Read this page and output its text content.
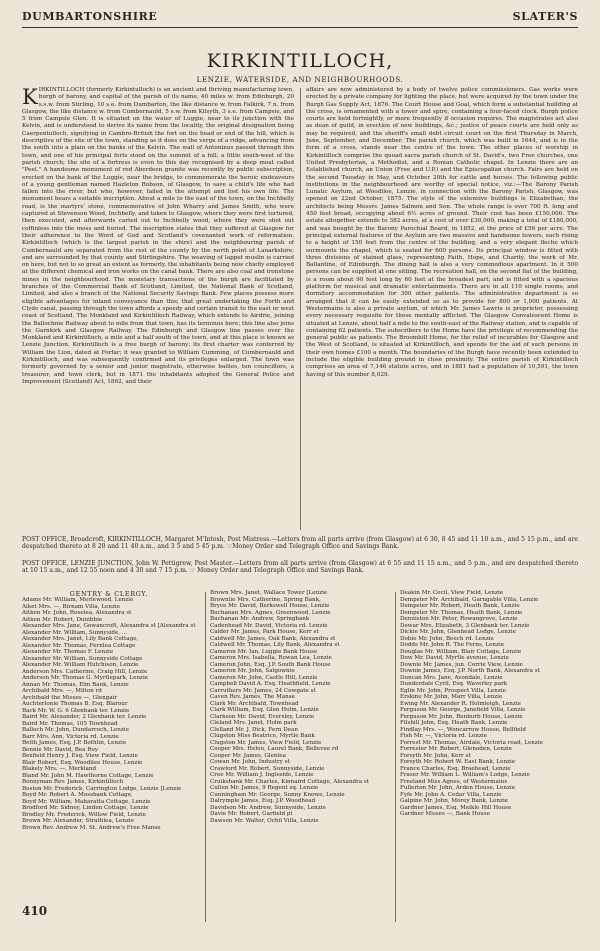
DUMBARTONSHIRE	SLATER'S
KIRKINTILLOCH,
LENZIE, WATERSIDE, AND NEIGHBOURHOODS.

KIRKINTILLOCH (formerly Kirkintulloch) is an ancient and thriving manufacturing town, burgh of barony, and capital of the parish of its name, 40 miles w. from Edinburgh, 20 s.s.w. from Stirling, 10 s.e. from Dumbarton, the like distance w. from Falkirk, 7 n. from Glasgow, the like distance w. from Cumbernauld, 5 s.w. from Kilsyth, 3 s.e. from Campsie, and 5 from Campsie Glen. It is situated on the water of Luggie, near to its junction with the Kelvin, and is understood to derive its name from the locality, the original designation being Caerpentulloch, signifying in Cambro-British the fort on the head or end of the hill, which is descriptive of the site of the town, standing as it does on the verge of a ridge, advancing from the south into a plain on the banks of the Kelvin. The wall of Antoninus passed through this town, and one of his principal forts stood on the summit of a hill, a little south-west of the parish church; the site of a fortress is even to this day recognised by a deep moat called "Peel." A handsome monument of red Aberdeen granite was recently by public subscription, erected on the bank of the Luggie, near the bridge, to commemorate the heroic endeavours of a young gentleman named Hazleton Robson, of Glasgow, to save a child's life who had fallen into the river, but who, however, failed in the attempt and lost his own life. The monument bears a suitable inscription. About a mile to the east of the town, on the Inchbelly road, is the martyrs' stone, commemorative of John Wharry and James Smith, who were captured at Stevenson Wood, Inchbelly, and taken to Glasgow, where they were first tortured, then executed, and afterwards carted out to Inchbelly wood, where they were shot out coffinless into the moss and buried. The inscription states that they suffered at Glasgow for their adherence to the Word of God and Scotland's covenanted work of reformation. Kirkintilloch (which is the largest parish in the shire) and the neighbouring parish of Cumbernauld are separated from the rest of the county by the north point of Lanarkshire, and are surrounded by that county and Stirlingshire. The weaving of lappet muslin is carried on here, but not to so great an extent as formerly, the inhabitants being now chiefly employed at the different chemical and iron works on the canal bank. There are also coal and ironstone mines in the neighbourhood. The monetary transactions of the burgh are facilitated by branches of the Commercial Bank of Scotland, Limited, the National Bank of Scotland, Limited, and also a branch of the National Security Savings Bank. Few places possess more eligible advantages for inland conveyance than this; that great undertaking the Forth and Clyde canal, passing through the town affords a speedy and certain transit to the east or west coast of Scotland. The Monkland and Kirkintilloch Railway, which extends to Airdrie, joining the Ballochnie Railway about to mile from that town, has its terminus here; this line also joins the Garnkirk and Glasgow Railway. The Edinburgh and Glasgow line passes over the Monkland and Kirkintilloch, a mile and a half south of the town, and at this place is known as Lenzie Junction. Kirkintilloch is a free burgh of barony; its first charter was conferred by William the Lion, dated at Forfar; it was granted to William Cumming, of Cumbernauld and Kirkintilloch, and was subsequently confirmed and its privileges enlarged. The town was formerly governed by a senior and junior magistrate, otherwise bailies, ten councillors, a treasurer, and town clerk, but in 1871 the inhabitants adopted the General Police and Improvement (Scotland) Act, 1862, and their

affairs are now administered by a body of twelve police commissioners. Gas works were erected by a private company for lighting the place, but were acquired by the town under the Burgh Gas Supply Act, 1876. The Court House and Goal, which form a substantial building at the cross, is ornamented with a tower and spire, containing a four-faced clock. Burgh police courts are held fortnightly, or more frequently if occasion requires. The magistrates act also as dean of guild, in erection of new buildings, &c.; justice of peace courts are held only as may be required, and the sheriff's small debt circuit court on the first Thursday in March, June, September, and December. The parish church, which was built in 1644, and is in the form of a cross, stands near the centre of the town. The other places of worship in Kirkintilloch comprise the quoad sacra parish church of St. David's, two Free churches, one United Presbyterian, a Methodist, and a Roman Catholic chapel. In Lenzie there are an Established church, an Union (Free and U.P.) and the Episcopalian church. Fairs are held on the second Tuesday in May, and October 20th for cattle and horses. The following public institutions in the neighbourhood are worthy of special notice, viz.:—The Barony Parish Lunatic Asylum, at Woodilee, Lenzie, in connection with the Barony Parish, Glasgow, was opened on 22nd October, 1875. The style of the extensive buildings is Elizabethan, the architects being Messrs. James Salmon and Son. The whole range is over 700 ft. long and 450 feet broad, occupying about 6½ acres of ground. Their cost has been £150,000. The estate altogether extends to 382 acres, at a cost of over £30,000, making a total of £180,000, and was bought by the Barony Parochial Board, in 1852, at the price of £56 per acre. The principal external features of the Asylum are two massive and handsome towers, each rising to a height of 150 feet from the centre of the building, and a very elegant fleche which surmounts the chapel, which is seated for 600 persons. Its principal window is fitted with three divisions of stained glass, representing Faith, Hope, and Charity, the work of Mr. Ballantine, of Edinburgh. The dining hall is also a very commodious apartment. In it 500 persons can be supplied at one sitting. The recreation hall, on the second flat of the building, is a room about 90 feet long by 60 feet at the broadest part, and is fitted with a spacious platform for musical and dramatic entertainments. There are in all 110 single rooms, and dormitory accommodation for 300 other patients. The administrative department is so arranged that it can be easily extended so as to provide for 800 or 1,000 patients. At Westermains is also a private asylum, of which Mr. James Lawrie is proprietor, possessing every necessary requisite for those mentally afflicted. The Glasgow Convalescent Home is situated at Lenzie, about half a mile to the south-east of the Railway station, and is capable of containing 62 patients. The subscribers to the Home have the privilege of recommending the general public as patients. The Broomhill Home, for the relief of incurables for Glasgow and the West of Scotland, is situated at Kirkintilloch, and spends for the aid of such persons in their own homes £100 a month. The boundaries of the Burgh have recently been extended to include the eligible building ground in close proximity. The entire parish of Kirkintilloch comprises an area of 7,146 statute acres, and in 1881 had a population of 10,591, the town having of this number 8,029.

POST OFFICE, Broadcroft, KIRKINTILLOCH, Margaret M'Intosh, Post Mistress.—Letters from all parts arrive (from Glasgow) at 6 30, 8 45 and 11 10 a.m., and 5 15 p.m., and are despatched thereto at 8 20 and 11 40 a.m., and 3 5 and 5 45 p.m. ☞Money Order and Telegraph Office and Savings Bank.

POST OFFICE, LENZIE JUNCTION, John W. Pettigrew, Post Master.—Letters from all parts arrive (from Glasgow) at 6 55 and 11 15 a.m., and 5 p.m., and are despatched thereto at 10 15 a.m., and 12 55 noon and 4 30 and 7 15 p.m. ☞ Money Order and Telegraph Office and Savings Bank.

GENTRY & CLERGY.
Adams Mr. William, Merlewood, Lenzie
Aiket Mrs. —, Birnam Villa, Lenzie
Aitken Mr. John, Roselea, Alexandra st
Aitken Mr. Robert, Dunibbie
Alexander Mrs. Jane, Gowancroft, Alexandra st [Alexandra st
Alexander Mr. William, Sunnyside, ...
Alexander Mrs. Janet, Lily Bank Cottage,
Alexander Mr. Thomas, Fernlea Cottage
Alexander Mr. Thomas F. Lenzie
Alexander Mr. William, Sunnyside Cottage
Alexander Mr. William Hutchison, Lenzie
Anderson Mrs. Catherine, Craig Hill, Lenzie
Anderson Mr. Thomas G. Myrtlepark, Lenzie
Annan Mr. Thomas, Elm Bank, Lenzie
Archibald Mrs. —, Milton rd
Archibald the Misses —, Glengair
Auchterlonie Thomas B. Esq. Blarour
Back Mr. W. G. 6 Glenbank ter. Lenzie
Baird Mr. Alexander, 2 Glenbank ter. Lenzie
Baird Mr. Thomas, 105 Townhead
Balloch Mr. John, Dundarroch, Lenzie
Barr Mrs. Ann, Victoria rd. Lenzie
Beith James, Esq. J.P. Bothlin, Lenzie
Bennie Mr. David, Bea Roy
Bexfield Henry J. Esq. View Field, Lenzie
Blair Robert, Esq. Woodilee House, Lenzie
Blakely Mrs. —, Merkland
Bland Mr. John M. Hawthorne Cottage, Lenzie
Bonnyman Rev. James, Kirkintilloch
Boston Mr. Frederick, Carrington Lodge, Lenzie [Lenzie
Boyd Mr. Robert A. Mossbank Cottage,
Boyd Mr. William, Maharatta Cottage, Lenzie
Brodford Mr. Sidney, Linden Cottage, Lenzie
Brodley Mr. Frederick, Willow Field, Lenzie
Brown Mr. Alexander, Strathlea, Lenzie
Brown Rev. Andrew M. St. Andrew's Free Manse
Brown Mrs. Janet, Wallace Tower [Lenzie
Brownlie Mrs. Catherine, Spring Bank,
Bryce Mr. David, Berkswell House, Lenzie
Buchanan Mrs. Agnes, Greenwood, Lenzie
Buchanan Mr. Andrew, Springbank
Cadenhead Mr. David, Victoria rd. Lenzie
Calder Mr. James, Park House, Kerr st
Caldwell Mr. James, Oak Bank, Alexandra st
Caldwell Mr. Thomas, Lily Bank, Alexandra st
Cameron Mr. Ian, Luggie Bank House
Cameron Mrs. Isabella, Rowan Lea, Lenzie
Cameron John, Esq. J.P. South Bank House
Cameron Mr. John, Salgownie
Cameron Mr. John, Castle Hill, Lenzie
Campbell David A. Esq. Heathfield, Lenzie
Carruthers Mr. James, 24 Cowgate st
Caven Rev. James, The Manse
Clark Mr. Archibald, Townhead
Clark William, Esq. Glen Holm, Lenzie
Clarkson Mr. David, Eversley, Lenzie
Cleland Mrs. Janet, Holm park
Clelland Mr. J. Dick, Fern Dean
Clugston Miss Beatrice, Myrtle Bank
Clugston Mr. James, View Field, Lenzie
Cooper Mrs. Helen, Laurel Bank, Bellevue rd
Cooper Mr. James, Glenlea
Cowan Mr. John, Industry st
Crawford Mr. Robert, Sunnyside, Lenzie
Cree Mr. William J. Ingleside, Lenzie
Cruikshank Mr. Charles, Kinnaird Cottage, Alexandra st
Cullen Mr. James, 9 Regent sq. Lenzie
Cunningham Mr. George, Sunny Knowe, Lenzie
Dalrymple James, Esq. J.P. Woodhead
Davidson Mr. Andrew, Sunnyside, Lenzie
Davie Mr. Robert, Garfield pl
Dawson Mr. Walter, Ochil Villa, Lenzie
Deakin Mr. Cecil, View Field, Lenzie
Dempster Mr. Archibald, Garngable Villa, Lenzie
Dempster Mr. Robert, Heath Bank, Lenzie
Dempster Mr. Thomas, Heath Bank, Lenzie
Denniston Mr. Peter, Rowangrove, Lenzie
Dewar Mrs. Elizabeth, 3 Glenbank ter. Lenzie
Dickie Mr. John, Glenhead Lodge, Lenzie
Dobie Mr. John, Beech rd. Lenzie
Dodds Mr. John R. The Ferns, Lenzie
Douglas Mr. William, Blair Cottage, Lenzie
Dow Mr. David, Myrtle avenue, Lenzie
Downie Mr. James, jun. Corrie View, Lenzie
Downie James, Esq. J.P. North Bank, Alexandra st
Duncan Mrs. Jane, Avondale, Lenzie
Dunderdale Cyril, Esq. Waverley park
Eglin Mr. John, Prospect Villa, Lenzie
Erskine Mr. John, Marr Villa, Lenzie
Ewing Mr. Alexander R. Holmleigh, Lenzie
Ferguson Mr. George, Janefield Villa, Lenzie
Ferguson Mr. John, Renburb House, Lenzie
Filshill John, Esq. Heath Bank, Lenzie
Findlay Mrs. —, Woncarrow House, Bellfield
Fish Mr. —, Victoria rd. Lenzie
Forrest Mr. Thomas, Airdale, Victoria road, Lenzie
Forrester Mr. Robert, Glenoden, Lenzie
Forsyth Mr. John, Kerr st
Forsyth Mr. Robert W. East Bank, Lenzie
France Charles, Esq. Braehead, Lenzie
Fraser Mr. William L. William's Lodge, Lenzie
Freeland Miss Agnes, of Westermains
Fullerton Mr. John, Arden House, Lenzie
Fyfe Mr. John A. Cedar Villa, Lenzie
Galpine Mr. John, Morey Bank, Lenzie
Gardner James, Esq. Meikle Hill House
Gardner Misses —, Bank House
410
